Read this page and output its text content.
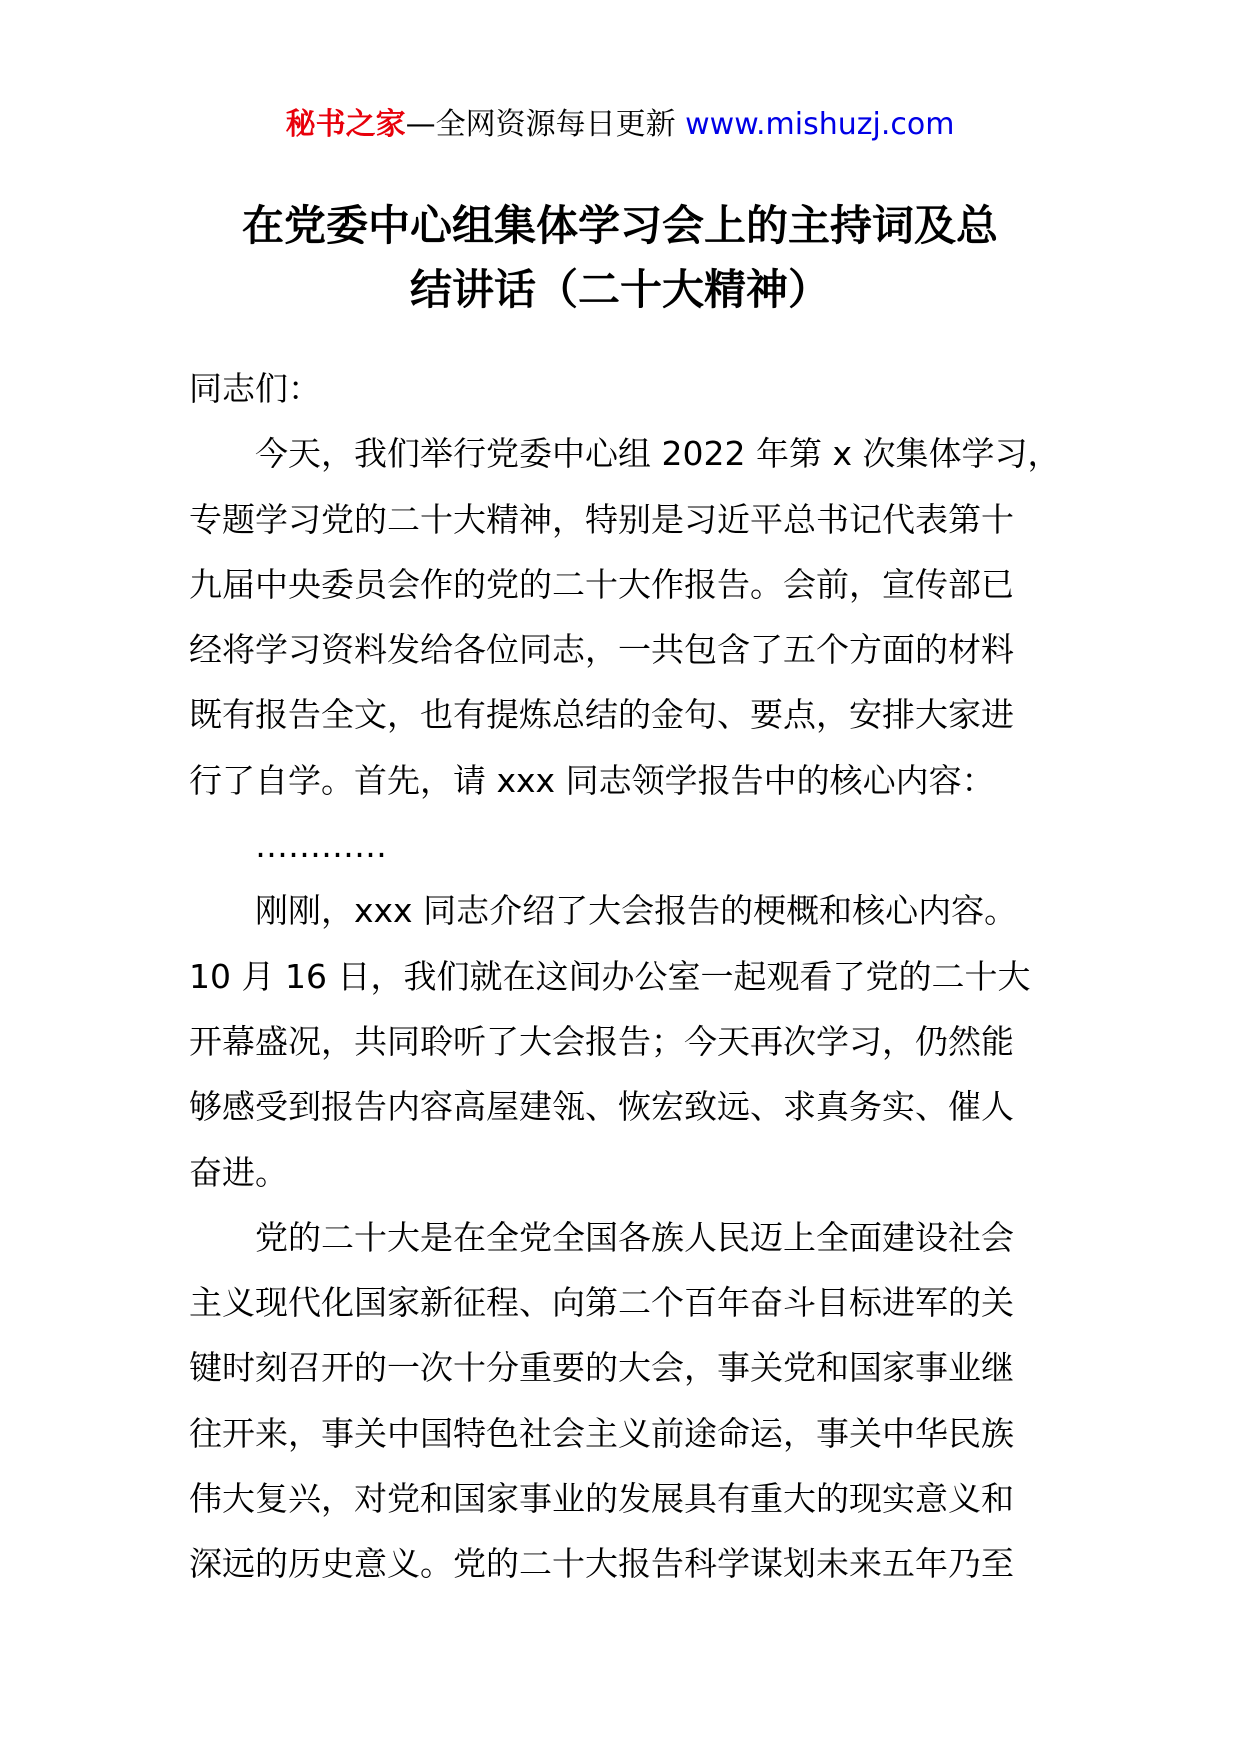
秘书之家—全网资源每日更新 www.mishuzj.com
在党委中心组集体学习会上的主持词及总
结讲话（二十大精神）
同志们：
今天，我们举行党委中心组 2022 年第 x 次集体学习，
专题学习党的二十大精神，特别是习近平总书记代表第十
九届中央委员会作的党的二十大作报告。会前，宣传部已
经将学习资料发给各位同志，一共包含了五个方面的材料
既有报告全文，也有提炼总结的金句、要点，安排大家进
行了自学。首先，请 xxx 同志领学报告中的核心内容：
…………
刚刚，xxx 同志介绍了大会报告的梗概和核心内容。
10 月 16 日，我们就在这间办公室一起观看了党的二十大
开幕盛况，共同聆听了大会报告；今天再次学习，仍然能
够感受到报告内容高屋建瓴、恢宏致远、求真务实、催人
奋进。
党的二十大是在全党全国各族人民迈上全面建设社会
主义现代化国家新征程、向第二个百年奋斗目标进军的关
键时刻召开的一次十分重要的大会，事关党和国家事业继
往开来，事关中国特色社会主义前途命运，事关中华民族
伟大复兴，对党和国家事业的发展具有重大的现实意义和
深远的历史意义。党的二十大报告科学谋划未来五年乃至
